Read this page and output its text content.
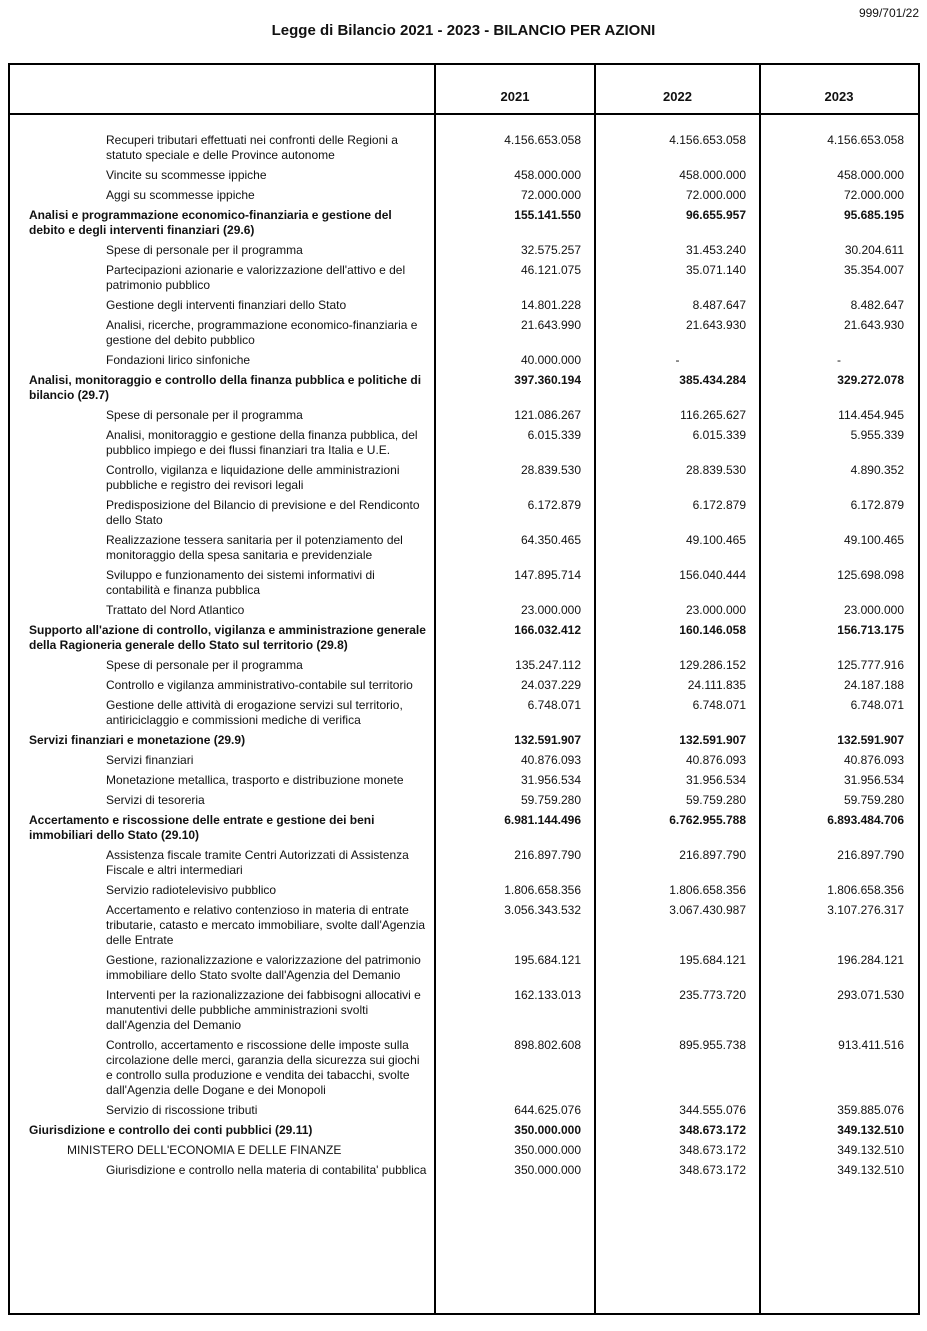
999/701/22
Legge di Bilancio 2021 - 2023 - BILANCIO PER AZIONI
2021	2022	2023
Recuperi tributari effettuati nei confronti delle Regioni a statuto speciale e delle Province autonome
4.156.653.058	4.156.653.058	4.156.653.058
Vincite su scommesse ippiche	458.000.000	458.000.000	458.000.000
Aggi su scommesse ippiche	72.000.000	72.000.000	72.000.000
Analisi e programmazione economico-finanziaria e gestione del debito e degli interventi finanziari (29.6)
155.141.550	96.655.957	95.685.195
Spese di personale per il programma	32.575.257	31.453.240	30.204.611
Partecipazioni azionarie e valorizzazione dell'attivo e del patrimonio pubblico
46.121.075	35.071.140	35.354.007
Gestione degli interventi finanziari dello Stato	14.801.228	8.487.647	8.482.647
Analisi, ricerche, programmazione economico-finanziaria e gestione del debito pubblico
21.643.990	21.643.930	21.643.930
Fondazioni lirico sinfoniche	40.000.000	-	-
Analisi, monitoraggio e controllo della finanza pubblica e politiche di bilancio (29.7)
397.360.194	385.434.284	329.272.078
Spese di personale per il programma	121.086.267	116.265.627	114.454.945
Analisi, monitoraggio e gestione della finanza pubblica, del pubblico impiego e dei flussi finanziari tra Italia e U.E.
6.015.339	6.015.339	5.955.339
Controllo, vigilanza e liquidazione delle amministrazioni pubbliche e registro dei revisori legali
28.839.530	28.839.530	4.890.352
Predisposizione del Bilancio di previsione e del Rendiconto dello Stato
6.172.879	6.172.879	6.172.879
Realizzazione tessera sanitaria per il potenziamento del monitoraggio della spesa sanitaria e previdenziale
64.350.465	49.100.465	49.100.465
Sviluppo e funzionamento dei sistemi informativi di contabilità e finanza pubblica
147.895.714	156.040.444	125.698.098
Trattato del Nord Atlantico	23.000.000	23.000.000	23.000.000
Supporto all'azione di controllo, vigilanza e amministrazione generale della Ragioneria generale dello Stato sul territorio (29.8)
166.032.412	160.146.058	156.713.175
Spese di personale per il programma	135.247.112	129.286.152	125.777.916
Controllo e vigilanza amministrativo-contabile sul territorio	24.037.229	24.111.835	24.187.188
Gestione delle attività di erogazione servizi sul territorio, antiriciclaggio e commissioni mediche di verifica
6.748.071	6.748.071	6.748.071
Servizi finanziari e monetazione (29.9)	132.591.907	132.591.907	132.591.907
Servizi finanziari	40.876.093	40.876.093	40.876.093
Monetazione metallica, trasporto e distribuzione monete	31.956.534	31.956.534	31.956.534
Servizi di tesoreria	59.759.280	59.759.280	59.759.280
Accertamento e riscossione delle entrate e gestione dei beni immobiliari dello Stato (29.10)
6.981.144.496	6.762.955.788	6.893.484.706
Assistenza fiscale tramite Centri Autorizzati di Assistenza Fiscale e altri intermediari
216.897.790	216.897.790	216.897.790
Servizio radiotelevisivo pubblico	1.806.658.356	1.806.658.356	1.806.658.356
Accertamento e relativo contenzioso in materia di entrate tributarie, catasto e mercato immobiliare, svolte dall'Agenzia delle Entrate
3.056.343.532	3.067.430.987	3.107.276.317
Gestione, razionalizzazione e valorizzazione del patrimonio immobiliare dello Stato svolte dall'Agenzia del Demanio
195.684.121	195.684.121	196.284.121
Interventi per la razionalizzazione dei fabbisogni allocativi e manutentivi delle pubbliche amministrazioni svolti dall'Agenzia del Demanio
162.133.013	235.773.720	293.071.530
Controllo, accertamento e riscossione delle imposte sulla circolazione delle merci, garanzia della sicurezza sui giochi e controllo sulla produzione e vendita dei tabacchi, svolte dall'Agenzia delle Dogane e dei Monopoli
898.802.608	895.955.738	913.411.516
Servizio di riscossione tributi	644.625.076	344.555.076	359.885.076
Giurisdizione e controllo dei conti pubblici (29.11)	350.000.000	348.673.172	349.132.510
MINISTERO DELL'ECONOMIA E DELLE FINANZE	350.000.000	348.673.172	349.132.510
Giurisdizione e controllo nella materia di contabilita' pubblica	350.000.000	348.673.172	349.132.510
